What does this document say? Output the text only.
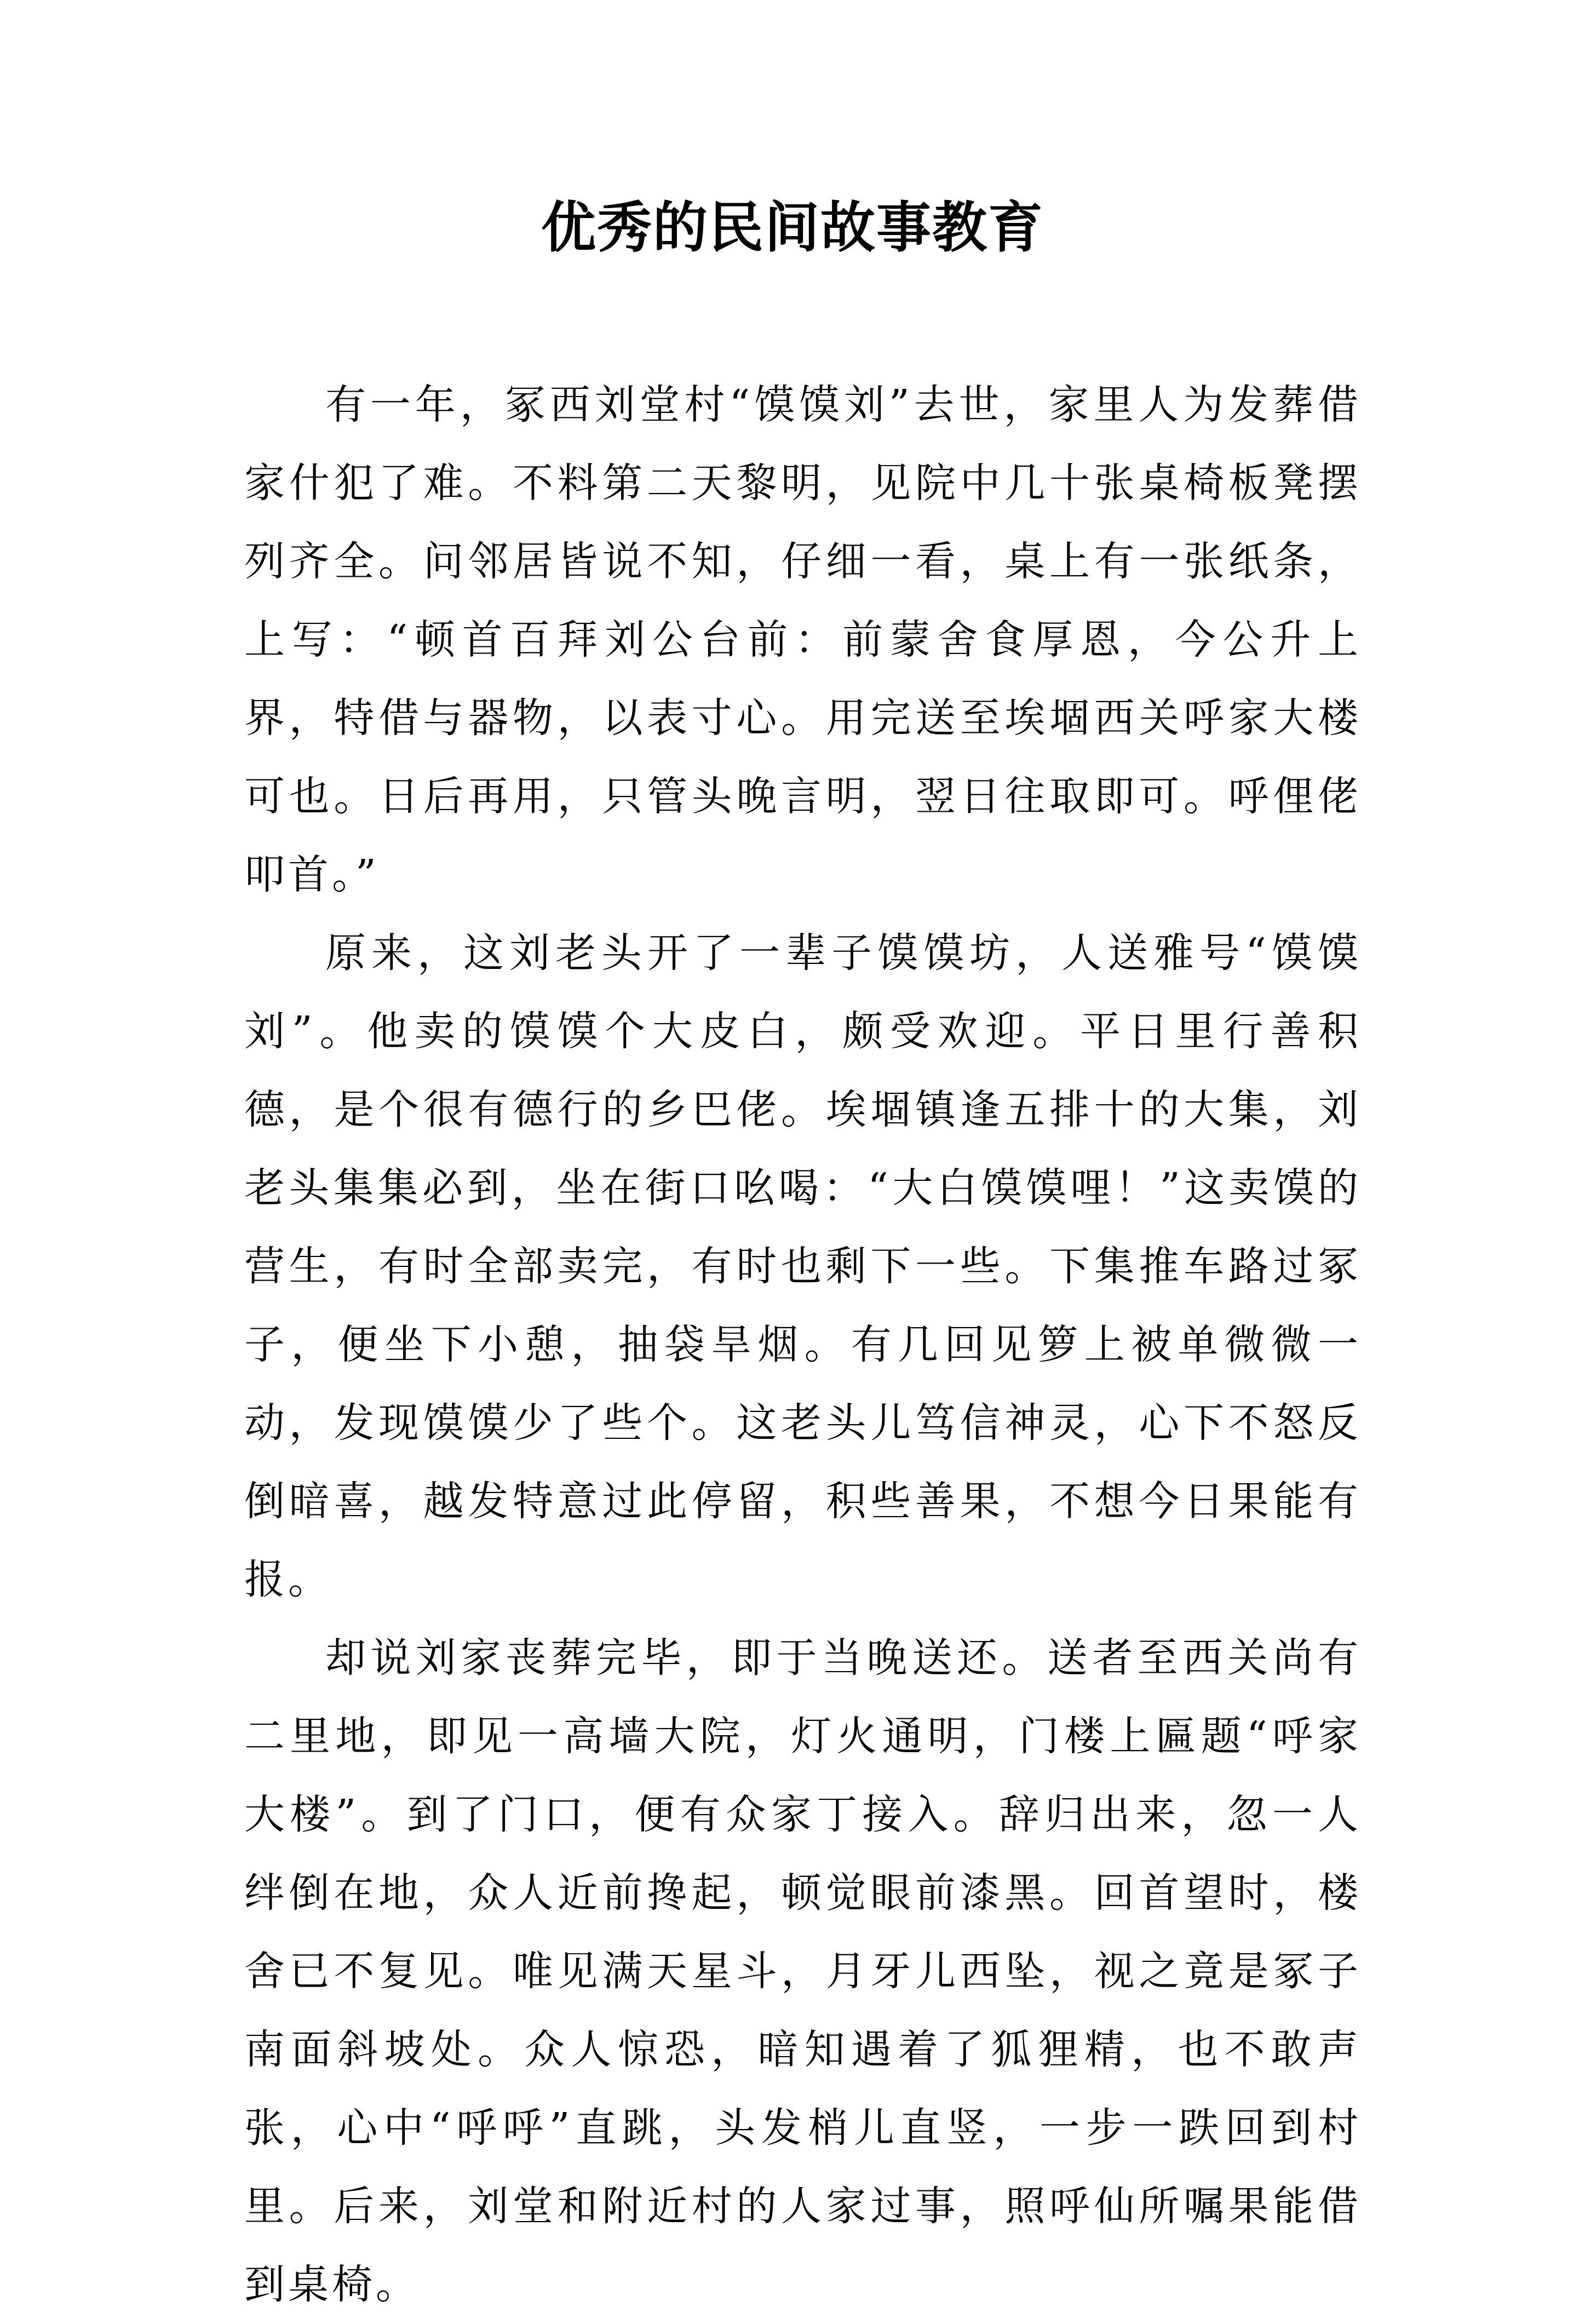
优秀的民间故事教育

有一年，冢西刘堂村“馍馍刘”去世，家里人为发葬借家什犯了难。不料第二天黎明，见院中几十张桌椅板凳摆列齐全。问邻居皆说不知，仔细一看，桌上有一张纸条，上写：“顿首百拜刘公台前：前蒙舍食厚恩，今公升上界，特借与器物，以表寸心。用完送至埃堌西关呼家大楼可也。日后再用，只管头晚言明，翌日往取即可。呼俚佬叩首。”

原来，这刘老头开了一辈子馍馍坊，人送雅号“馍馍刘”。他卖的馍馍个大皮白，颇受欢迎。平日里行善积德，是个很有德行的乡巴佬。埃堌镇逢五排十的大集，刘老头集集必到，坐在街口吆喝：“大白馍馍哩！”这卖馍的营生，有时全部卖完，有时也剩下一些。下集推车路过冢子，便坐下小憩，抽袋旱烟。有几回见箩上被单微微一动，发现馍馍少了些个。这老头儿笃信神灵，心下不怒反倒暗喜，越发特意过此停留，积些善果，不想今日果能有报。

却说刘家丧葬完毕，即于当晚送还。送者至西关尚有二里地，即见一高墙大院，灯火通明，门楼上匾题“呼家大楼”。到了门口，便有众家丁接入。辞归出来，忽一人绊倒在地，众人近前搀起，顿觉眼前漆黑。回首望时，楼舍已不复见。唯见满天星斗，月牙儿西坠，视之竟是冢子南面斜坡处。众人惊恐，暗知遇着了狐狸精，也不敢声张，心中“呼呼”直跳，头发梢儿直竖，一步一跌回到村里。后来，刘堂和附近村的人家过事，照呼仙所嘱果能借到桌椅。
